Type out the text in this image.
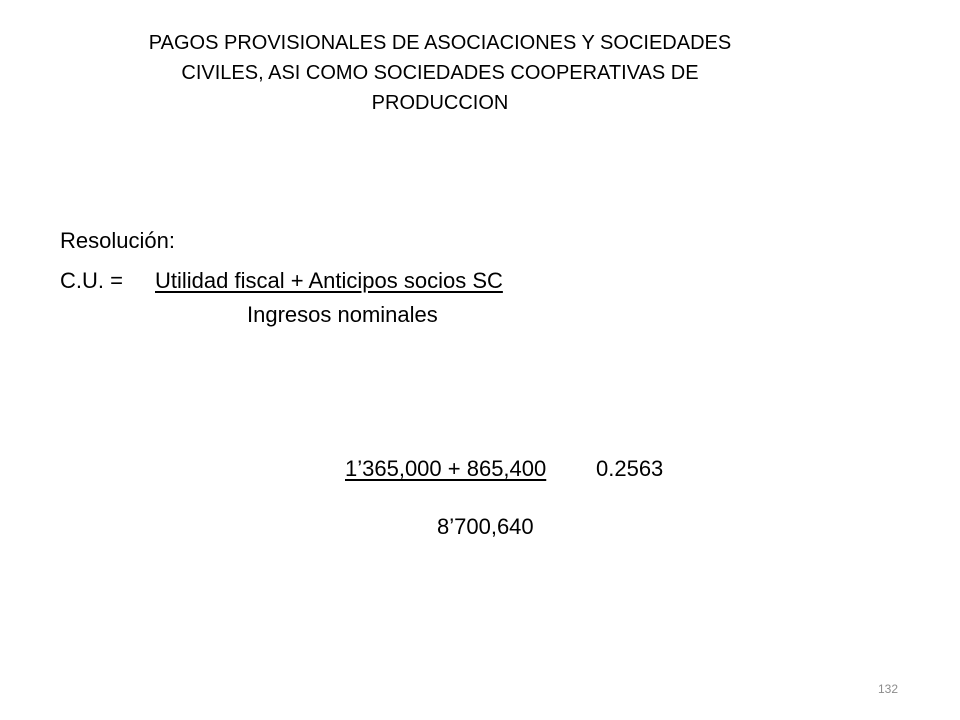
PAGOS PROVISIONALES DE ASOCIACIONES Y SOCIEDADES
CIVILES, ASI COMO SOCIEDADES COOPERATIVAS DE
PRODUCCION
Resolución:
C.U. = Utilidad fiscal + Anticipos socios SC
Ingresos nominales
1’365,000 + 865,400 0.2563
8’700,640
132
